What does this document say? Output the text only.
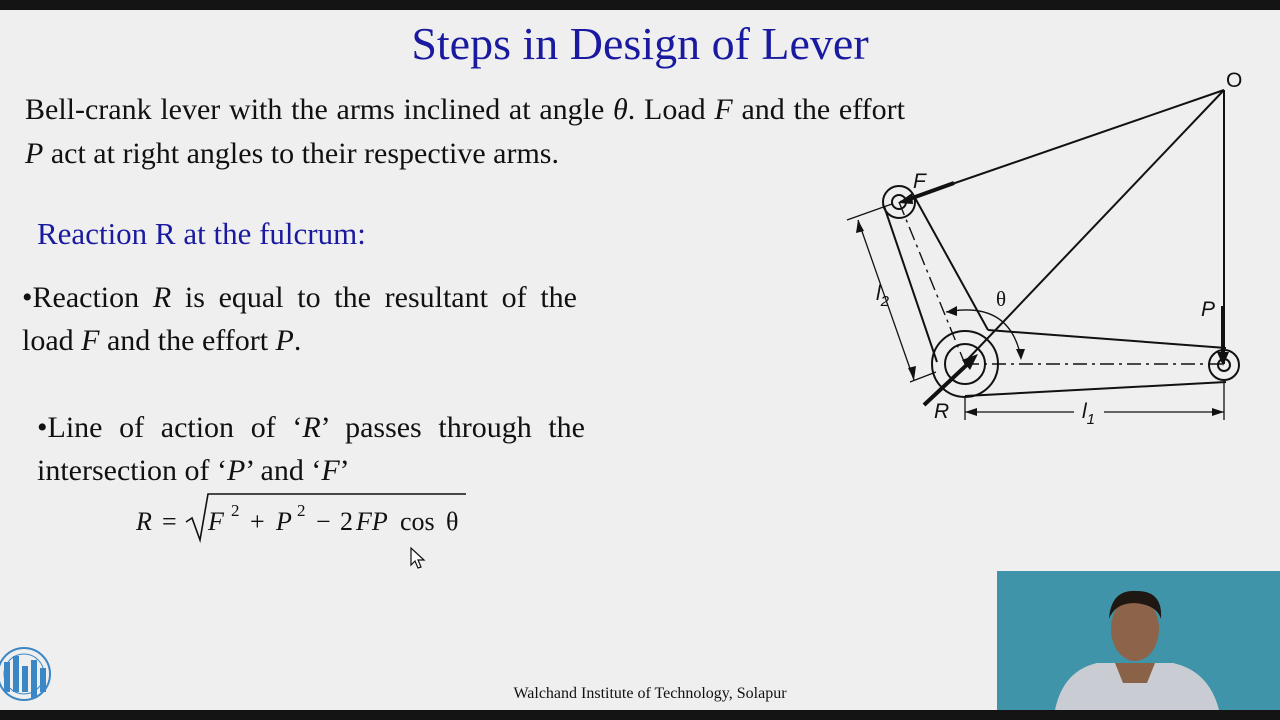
Steps in Design of Lever
Bell-crank lever with the arms inclined at angle θ. Load F and the effort P act at right angles to their respective arms.
Reaction R at the fulcrum:
•Reaction R is equal to the resultant of the load F and the effort P.
•Line of action of ‘R’ passes through the intersection of ‘P’ and ‘F’
R = F 2 + P 2 − 2 FP cos θ
O
F
P
R
θ
$l_2$
$l_1$
Walchand Institute of Technology, Solapur
